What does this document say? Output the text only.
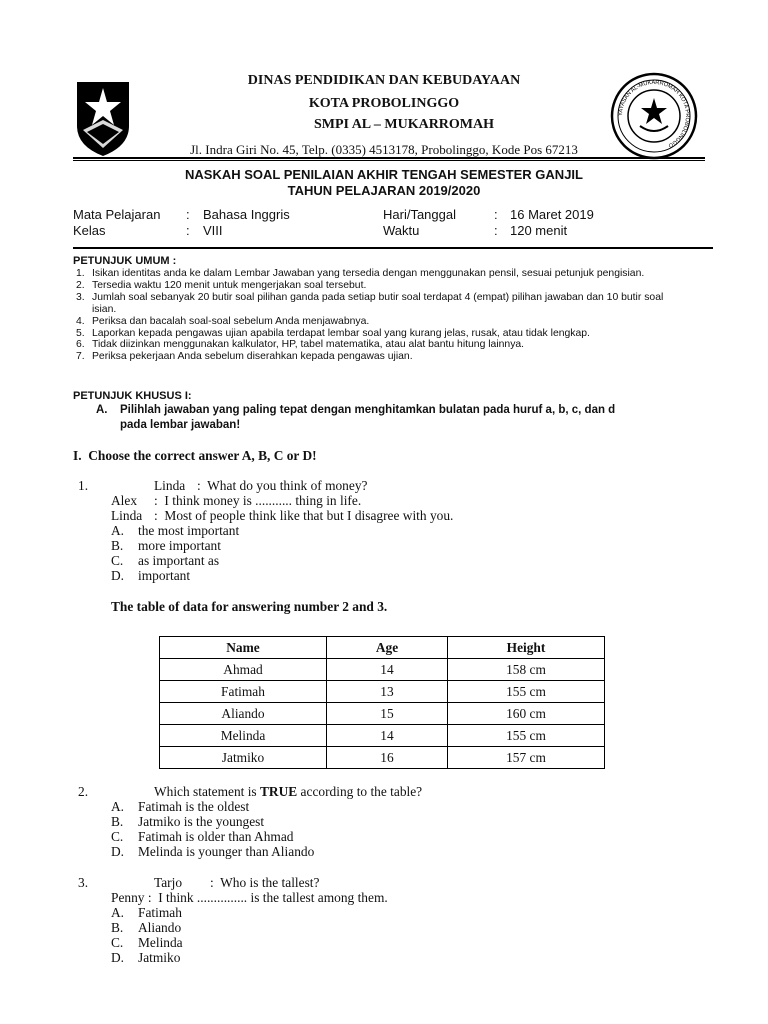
DINAS PENDIDIKAN DAN KEBUDAYAAN
KOTA PROBOLINGGO
SMPI AL – MUKARROMAH
Jl. Indra Giri No. 45, Telp. (0335) 4513178, Probolinggo, Kode Pos 67213
YAYASAN AL-MUKARROMAH KOTA PROBOLINGGO
NASKAH SOAL PENILAIAN AKHIR TENGAH SEMESTER GANJIL
TAHUN PELAJARAN 2019/2020
Mata Pelajaran : Bahasa Inggris	Hari/Tanggal	: 16 Maret 2019
Kelas	: VIII	Waktu	: 120 menit
PETUNJUK UMUM :
1. Isikan identitas anda ke dalam Lembar Jawaban yang tersedia dengan menggunakan pensil, sesuai petunjuk pengisian.
2. Tersedia waktu 120 menit untuk mengerjakan soal tersebut.
3. Jumlah soal sebanyak 20 butir soal pilihan ganda pada setiap butir soal terdapat 4 (empat) pilihan jawaban dan 10 butir soal isian.
4. Periksa dan bacalah soal-soal sebelum Anda menjawabnya.
5. Laporkan kepada pengawas ujian apabila terdapat lembar soal yang kurang jelas, rusak, atau tidak lengkap.
6. Tidak diizinkan menggunakan kalkulator, HP, tabel matematika, atau alat bantu hitung lainnya.
7. Periksa pekerjaan Anda sebelum diserahkan kepada pengawas ujian.
PETUNJUK KHUSUS I:
A. Pilihlah jawaban yang paling tepat dengan menghitamkan bulatan pada huruf a, b, c, dan d
pada lembar jawaban!
I.  Choose the correct answer A, B, C or D!
1.	Linda :  What do you think of money?
Alex :  I think money is ........... thing in life.
Linda :  Most of people think like that but I disagree with you.
A. the most important
B. more important
C. as important as
D. important
The table of data for answering number 2 and 3.
Name	Age	Height
Ahmad	14	158 cm
Fatimah	13	155 cm
Aliando	15	160 cm
Melinda	14	155 cm
Jatmiko	16	157 cm
2.	Which statement is TRUE according to the table?
A. Fatimah is the oldest
B. Jatmiko is the youngest
C. Fatimah is older than Ahmad
D. Melinda is younger than Aliando
3.	Tarjo :  Who is the tallest?
Penny :  I think ............... is the tallest among them.
A. Fatimah
B. Aliando
C. Melinda
D. Jatmiko
